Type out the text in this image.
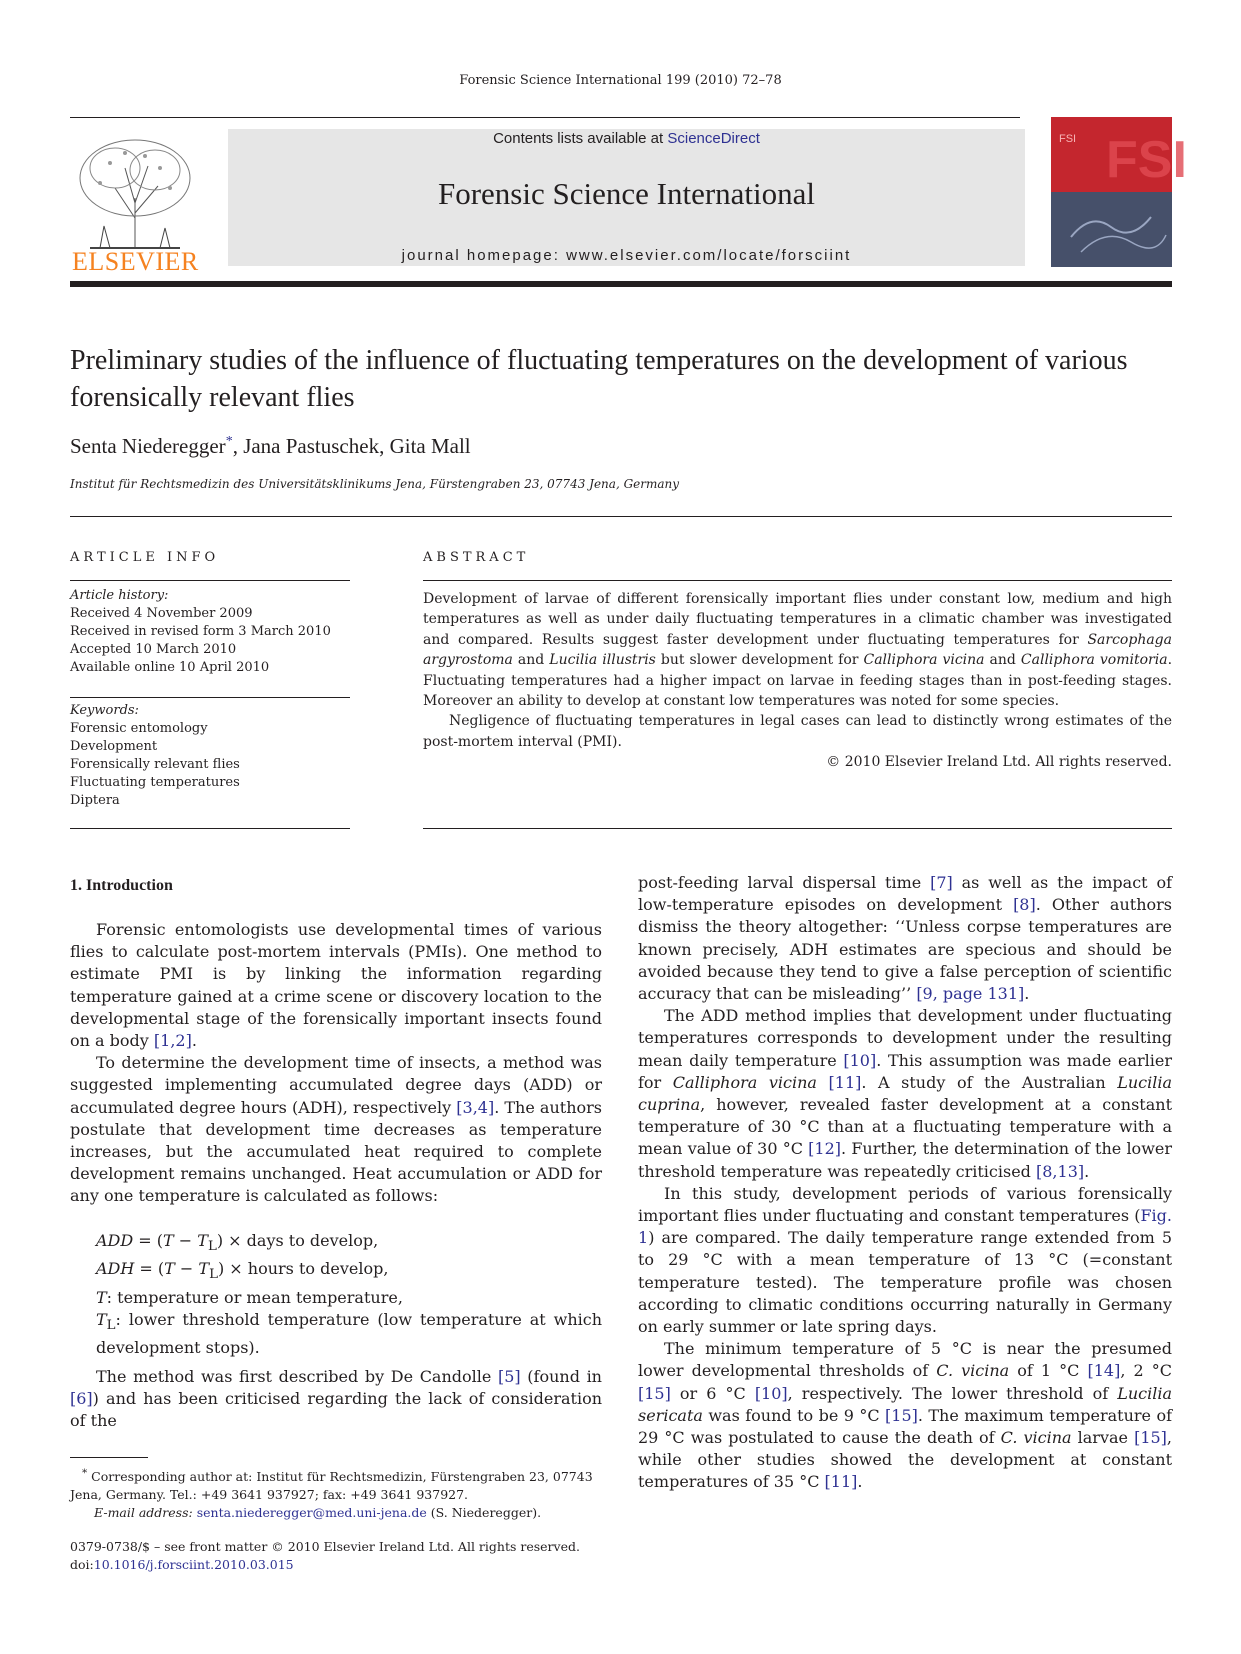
Forensic Science International 199 (2010) 72–78
ELSEVIER
Contents lists available at ScienceDirect
Forensic Science International
journal homepage: www.elsevier.com/locate/forsciint
FSI FSI
Preliminary studies of the influence of fluctuating temperatures on the development of various forensically relevant flies
Senta Niederegger*, Jana Pastuschek, Gita Mall
Institut für Rechtsmedizin des Universitätsklinikums Jena, Fürstengraben 23, 07743 Jena, Germany
ARTICLE INFO
Article history:
Received 4 November 2009
Received in revised form 3 March 2010
Accepted 10 March 2010
Available online 10 April 2010
Keywords:
Forensic entomology
Development
Forensically relevant flies
Fluctuating temperatures
Diptera
ABSTRACT

Development of larvae of different forensically important flies under constant low, medium and high temperatures as well as under daily fluctuating temperatures in a climatic chamber was investigated and compared. Results suggest faster development under fluctuating temperatures for Sarcophaga argyrostoma and Lucilia illustris but slower development for Calliphora vicina and Calliphora vomitoria. Fluctuating temperatures had a higher impact on larvae in feeding stages than in post-feeding stages. Moreover an ability to develop at constant low temperatures was noted for some species.

Negligence of fluctuating temperatures in legal cases can lead to distinctly wrong estimates of the post-mortem interval (PMI).

© 2010 Elsevier Ireland Ltd. All rights reserved.

1. Introduction

Forensic entomologists use developmental times of various flies to calculate post-mortem intervals (PMIs). One method to estimate PMI is by linking the information regarding temperature gained at a crime scene or discovery location to the developmental stage of the forensically important insects found on a body [1,2].

To determine the development time of insects, a method was suggested implementing accumulated degree days (ADD) or accumulated degree hours (ADH), respectively [3,4]. The authors postulate that development time decreases as temperature increases, but the accumulated heat required to complete development remains unchanged. Heat accumulation or ADD for any one temperature is calculated as follows:

ADD = $(T - T_L)$ × days to develop,
ADH = $(T - T_L)$ × hours to develop,
T: temperature or mean temperature,
$T_L$: lower threshold temperature (low temperature at which development stops).

The method was first described by De Candolle [5] (found in [6]) and has been criticised regarding the lack of consideration of the

post-feeding larval dispersal time [7] as well as the impact of low-temperature episodes on development [8]. Other authors dismiss the theory altogether: ‘‘Unless corpse temperatures are known precisely, ADH estimates are specious and should be avoided because they tend to give a false perception of scientific accuracy that can be misleading’’ [9, page 131].

The ADD method implies that development under fluctuating temperatures corresponds to development under the resulting mean daily temperature [10]. This assumption was made earlier for Calliphora vicina [11]. A study of the Australian Lucilia cuprina, however, revealed faster development at a constant temperature of 30 °C than at a fluctuating temperature with a mean value of 30 °C [12]. Further, the determination of the lower threshold temperature was repeatedly criticised [8,13].

In this study, development periods of various forensically important flies under fluctuating and constant temperatures (Fig. 1) are compared. The daily temperature range extended from 5 to 29 °C with a mean temperature of 13 °C (=constant temperature tested). The temperature profile was chosen according to climatic conditions occurring naturally in Germany on early summer or late spring days.

The minimum temperature of 5 °C is near the presumed lower developmental thresholds of C. vicina of 1 °C [14], 2 °C [15] or 6 °C [10], respectively. The lower threshold of Lucilia sericata was found to be 9 °C [15]. The maximum temperature of 29 °C was postulated to cause the death of C. vicina larvae [15], while other studies showed the development at constant temperatures of 35 °C [11].

* Corresponding author at: Institut für Rechtsmedizin, Fürstengraben 23, 07743 Jena, Germany. Tel.: +49 3641 937927; fax: +49 3641 937927.
E-mail address: senta.niederegger@med.uni-jena.de (S. Niederegger).
0379-0738/$ – see front matter © 2010 Elsevier Ireland Ltd. All rights reserved.
doi:10.1016/j.forsciint.2010.03.015
